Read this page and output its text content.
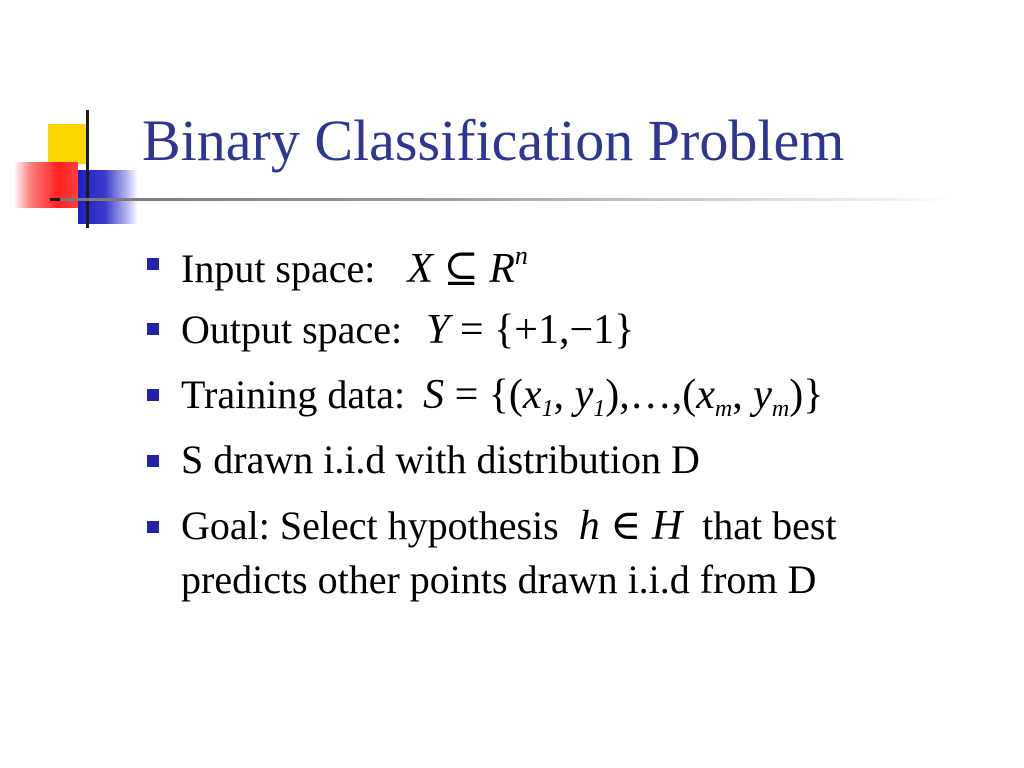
Binary Classification Problem
Input space: X ⊆ $R^n$
Output space: Y = {+1,−1}
Training data: $S = \{(x_1$, $y_1),\dots,(x_m$, $y_m$)}
S drawn i.i.d with distribution D
Goal: Select hypothesis h ∈ H that best
predicts other points drawn i.i.d from D
